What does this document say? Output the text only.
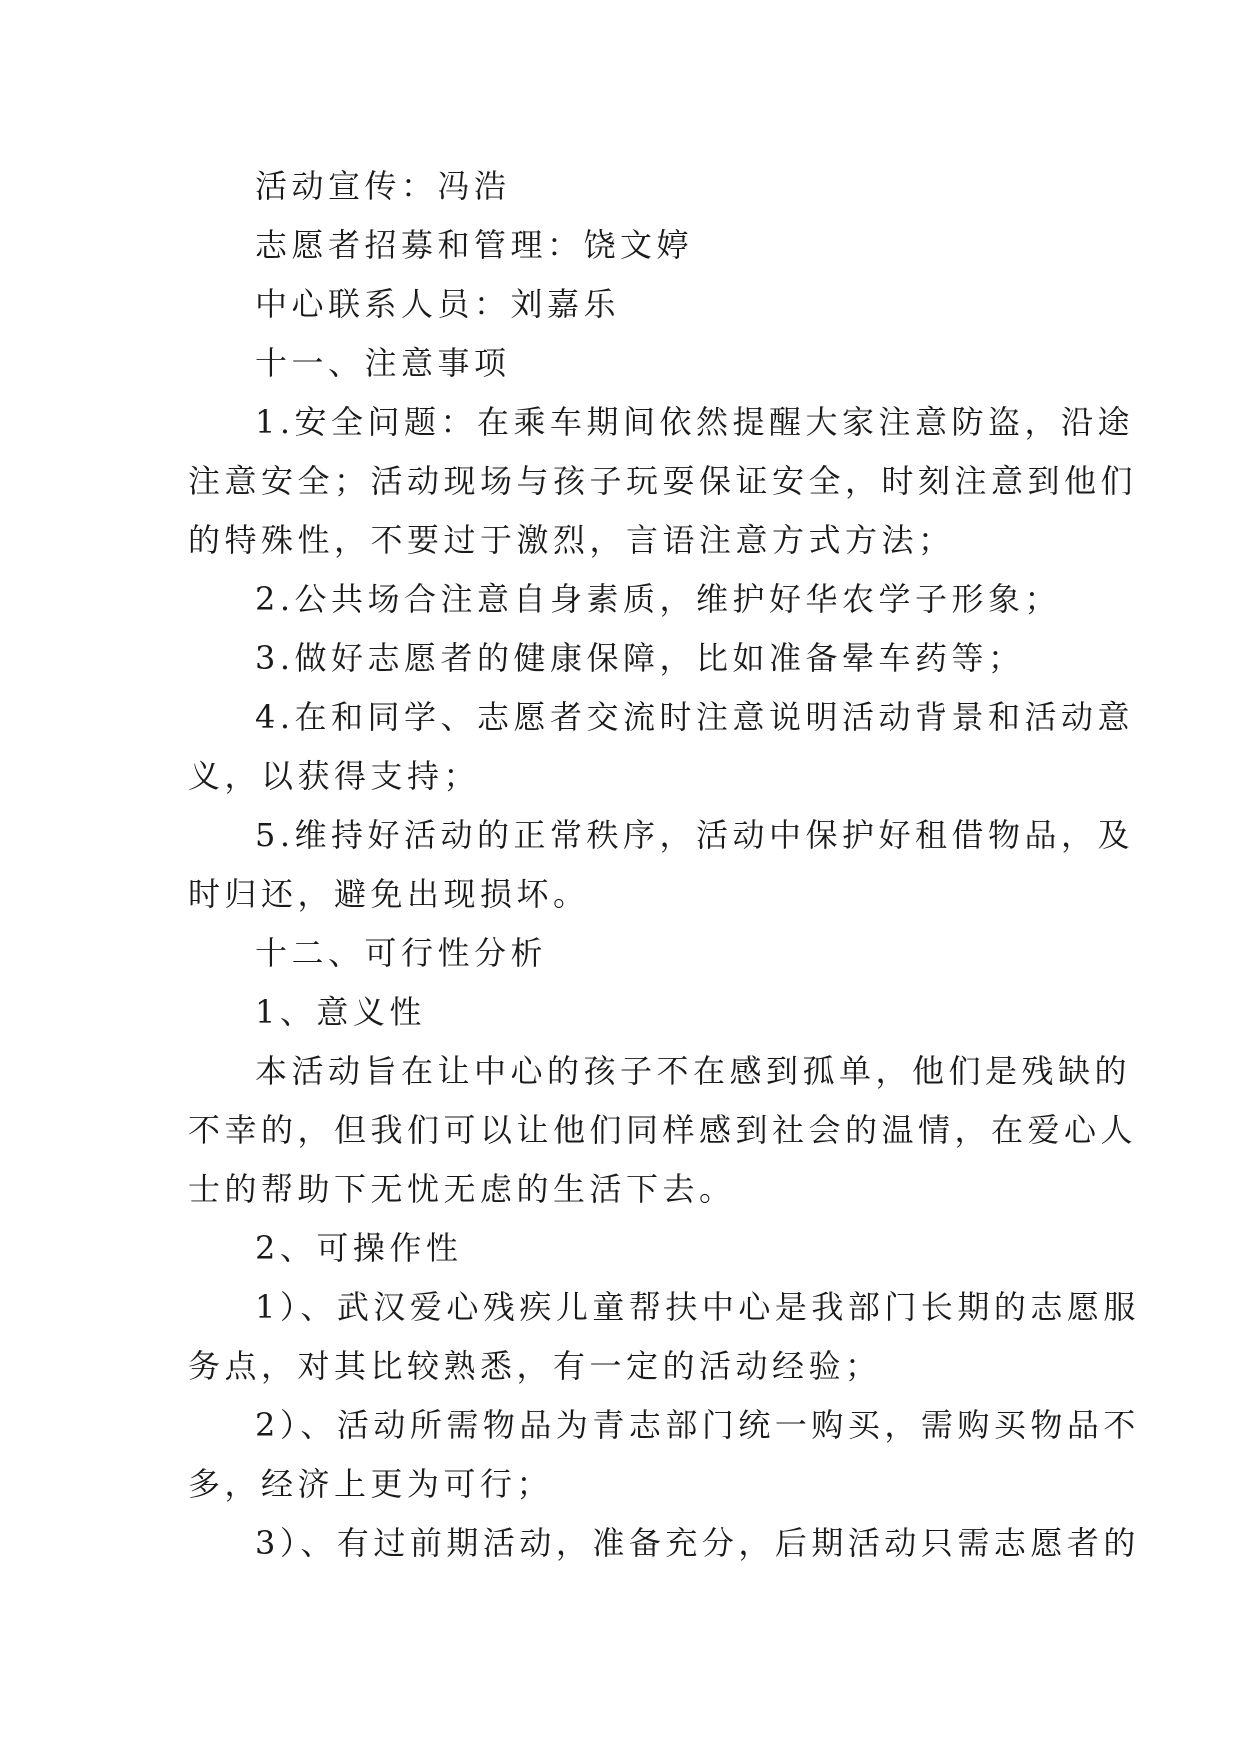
活动宣传：冯浩
志愿者招募和管理：饶文婷
中心联系人员：刘嘉乐
十一、注意事项
1.安全问题：在乘车期间依然提醒大家注意防盗，沿途
注意安全；活动现场与孩子玩耍保证安全，时刻注意到他们
的特殊性，不要过于激烈，言语注意方式方法；
2.公共场合注意自身素质，维护好华农学子形象；
3.做好志愿者的健康保障，比如准备晕车药等；
4.在和同学、志愿者交流时注意说明活动背景和活动意
义，以获得支持；
5.维持好活动的正常秩序，活动中保护好租借物品，及
时归还，避免出现损坏。
十二、可行性分析
1、意义性
本活动旨在让中心的孩子不在感到孤单，他们是残缺的
不幸的，但我们可以让他们同样感到社会的温情，在爱心人
士的帮助下无忧无虑的生活下去。
2、可操作性
1）、武汉爱心残疾儿童帮扶中心是我部门长期的志愿服
务点，对其比较熟悉，有一定的活动经验；
2）、活动所需物品为青志部门统一购买，需购买物品不
多，经济上更为可行；
3）、有过前期活动，准备充分，后期活动只需志愿者的
